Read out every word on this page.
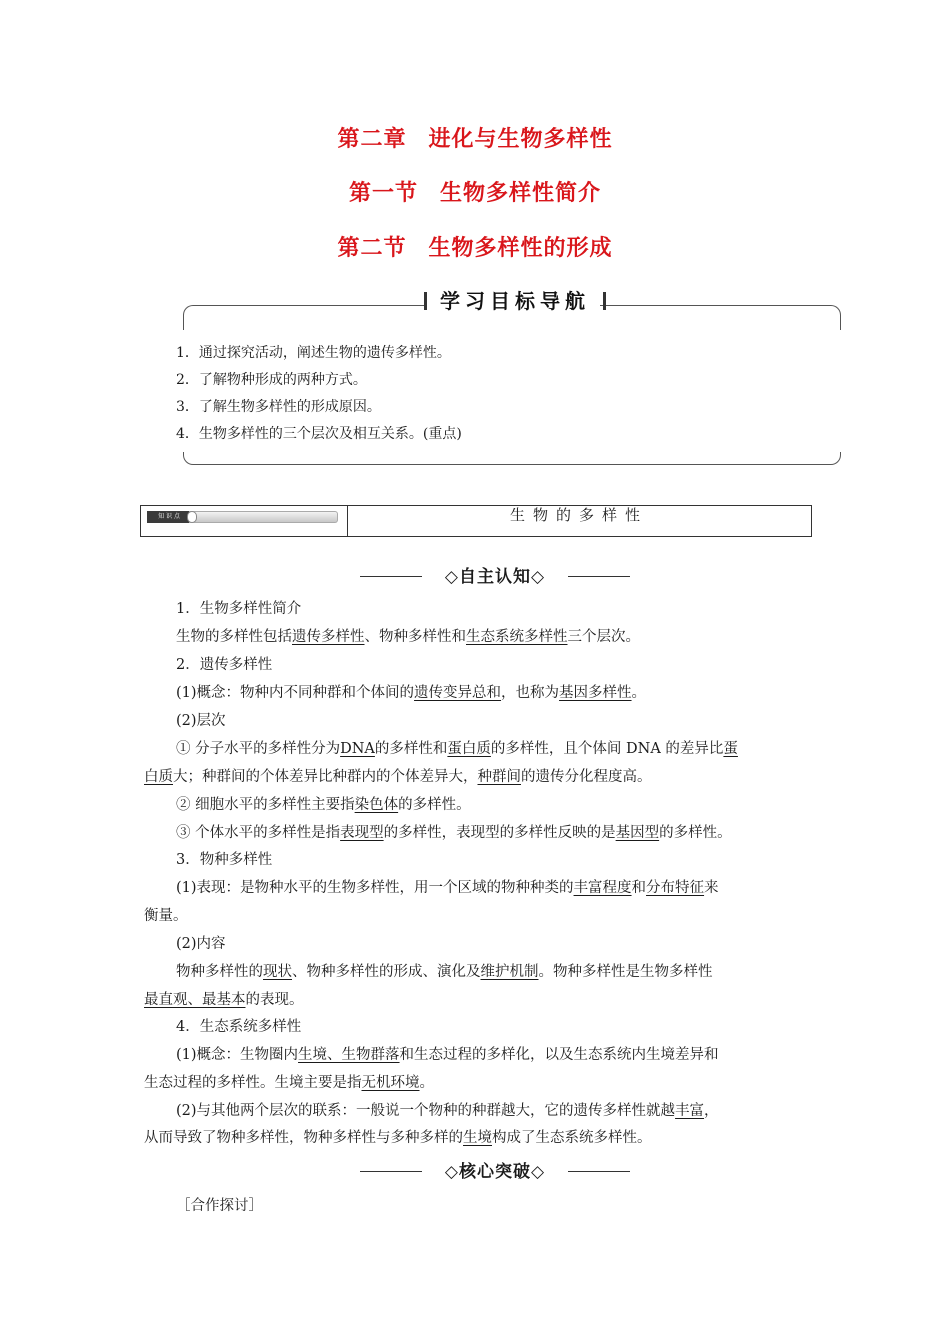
第二章 进化与生物多样性
第一节 生物多样性简介
第二节 生物多样性的形成
学习目标导航
1．通过探究活动，阐述生物的遗传多样性。
2．了解物种形成的两种方式。
3．了解生物多样性的形成原因。
4．生物多样性的三个层次及相互关系。(重点)
知 识 点	生物的多样性
◇自主认知◇
1．生物多样性简介
生物的多样性包括遗传多样性、物种多样性和生态系统多样性三个层次。
2．遗传多样性
(1)概念：物种内不同种群和个体间的遗传变异总和，也称为基因多样性。
(2)层次
① 分子水平的多样性分为DNA的多样性和蛋白质的多样性，且个体间 DNA 的差异比蛋
白质大；种群间的个体差异比种群内的个体差异大，种群间的遗传分化程度高。
② 细胞水平的多样性主要指染色体的多样性。
③ 个体水平的多样性是指表现型的多样性，表现型的多样性反映的是基因型的多样性。
3．物种多样性
(1)表现：是物种水平的生物多样性，用一个区域的物种种类的丰富程度和分布特征来
衡量。
(2)内容
物种多样性的现状、物种多样性的形成、演化及维护机制。物种多样性是生物多样性
最直观、最基本的表现。
4．生态系统多样性
(1)概念：生物圈内生境、生物群落和生态过程的多样化，以及生态系统内生境差异和
生态过程的多样性。生境主要是指无机环境。
(2)与其他两个层次的联系：一般说一个物种的种群越大，它的遗传多样性就越丰富，
从而导致了物种多样性，物种多样性与多种多样的生境构成了生态系统多样性。
◇核心突破◇
［合作探讨］
